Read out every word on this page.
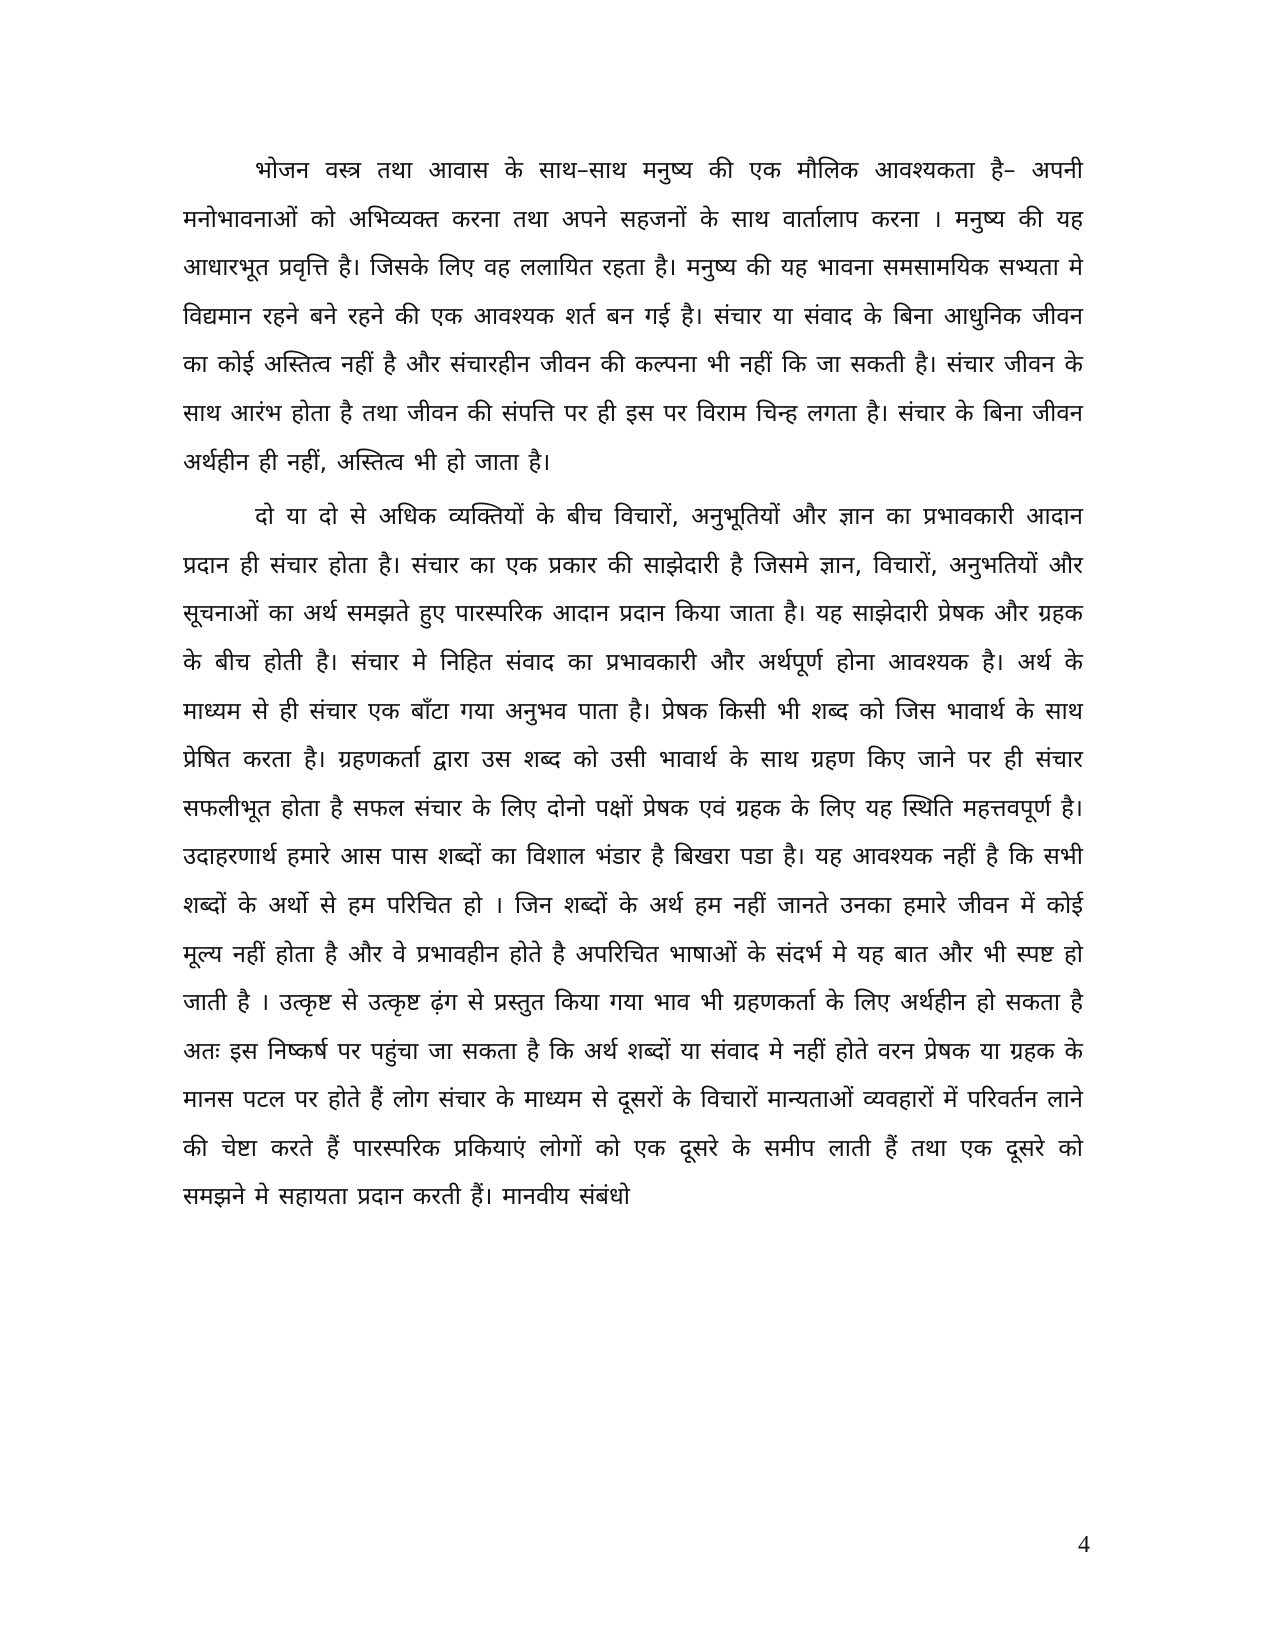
भोजन वस्त्र तथा आवास के साथ–साथ मनुष्य की एक मौलिक आवश्यकता है– अपनी मनोभावनाओं को अभिव्यक्त करना तथा अपने सहजनों के साथ वार्तालाप करना । मनुष्य की यह आधारभूत प्रवृत्ति है। जिसके लिए वह ललायित रहता है। मनुष्य की यह भावना समसामयिक सभ्यता मे विद्यमान रहने बने रहने की एक आवश्यक शर्त बन गई है। संचार या संवाद के बिना आधुनिक जीवन का कोई अस्तित्व नहीं है और संचारहीन जीवन की कल्पना भी नहीं कि जा सकती है। संचार जीवन के साथ आरंभ होता है तथा जीवन की संपत्ति पर ही इस पर विराम चिन्ह लगता है। संचार के बिना जीवन अर्थहीन ही नहीं, अस्तित्व भी हो जाता है।

दो या दो से अधिक व्यक्तियों के बीच विचारों, अनुभूतियों और ज्ञान का प्रभावकारी आदान प्रदान ही संचार होता है। संचार का एक प्रकार की साझेदारी है जिसमे ज्ञान, विचारों, अनुभतियों और सूचनाओं का अर्थ समझते हुए पारस्परिक आदान प्रदान किया जाता है। यह साझेदारी प्रेषक और ग्रहक के बीच होती है। संचार मे निहित संवाद का प्रभावकारी और अर्थपूर्ण होना आवश्यक है। अर्थ के माध्यम से ही संचार एक बॉंटा गया अनुभव पाता है। प्रेषक किसी भी शब्द को जिस भावार्थ के साथ प्रेषित करता है। ग्रहणकर्ता द्वारा उस शब्द को उसी भावार्थ के साथ ग्रहण किए जाने पर ही संचार सफलीभूत होता है सफल संचार के लिए दोनो पक्षों प्रेषक एवं ग्रहक के लिए यह स्थिति महत्तवपूर्ण है। उदाहरणार्थ हमारे आस पास शब्दों का विशाल भंडार है बिखरा पडा है। यह आवश्यक नहीं है कि सभी शब्दों के अर्थो से हम परिचित हो । जिन शब्दों के अर्थ हम नहीं जानते उनका हमारे जीवन में कोई मूल्य नहीं होता है और वे प्रभावहीन होते है अपरिचित भाषाओं के संदर्भ मे यह बात और भी स्पष्ट हो जाती है । उत्कृष्ट से उत्कृष्ट ढ़ंग से प्रस्तुत किया गया भाव भी ग्रहणकर्ता के लिए अर्थहीन हो सकता है अतः इस निष्कर्ष पर पहुंचा जा सकता है कि अर्थ शब्दों या संवाद मे नहीं होते वरन प्रेषक या ग्रहक के मानस पटल पर होते हैं लोग संचार के माध्यम से दूसरों के विचारों मान्यताओं व्यवहारों में परिवर्तन लाने की चेष्टा करते हैं पारस्परिक प्रकियाएं लोगों को एक दूसरे के समीप लाती हैं तथा एक दूसरे को समझने मे सहायता प्रदान करती हैं। मानवीय संबंधो

4
